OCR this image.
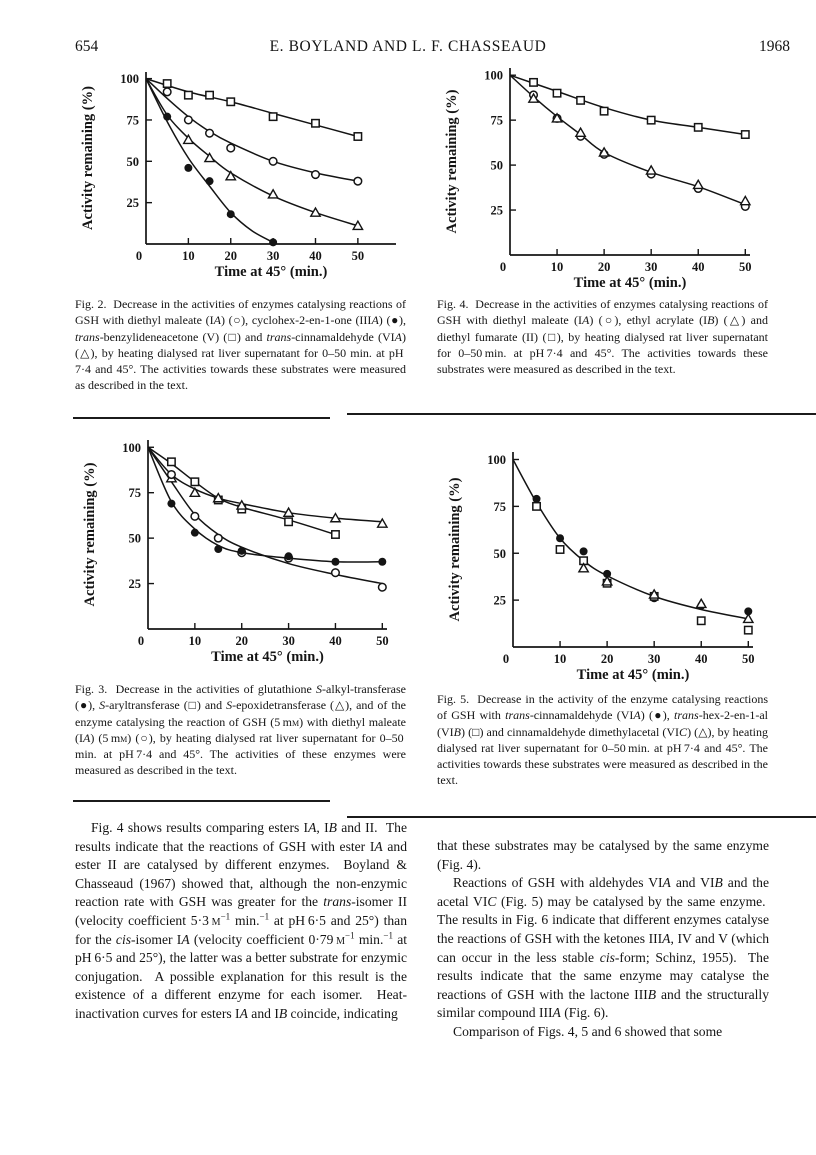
654	E. BOYLAND AND L. F. CHASSEAUD	1968
0	10 20 30 40 50
25
50
75
100
Time at 45° (min.)
Activity remaining (%)

Fig. 2.  Decrease in the activities of enzymes catalysing reactions of GSH with diethyl maleate (IA) (○), cyclohex-2-en-1-one (IIIA) (●), trans-benzylideneacetone (V) (□) and trans-cinnamaldehyde (VIA) (△), by heating dialysed rat liver supernatant for 0–50 min. at pH 7·4 and 45°. The activities towards these substrates were measured as described in the text.

0	10	20	30	40	50
25
50
75
100
Time at 45° (min.)
Activity remaining (%)

Fig. 4.  Decrease in the activities of enzymes catalysing reactions of GSH with diethyl maleate (IA) (○), ethyl acrylate (IB) (△) and diethyl fumarate (II) (□), by heating dialysed rat liver supernatant for 0–50 min. at pH 7·4 and 45°. The activities towards these substrates were measured as described in the text.

0	10	20	30	40	50
25
50
75
100
Time at 45° (min.)
Activity remaining (%)

Fig. 3.  Decrease in the activities of glutathione S-alkyl-transferase (●), S-aryltransferase (□) and S-epoxidetransferase (△), and of the enzyme catalysing the reaction of GSH (5 mm) with diethyl maleate (IA) (5 mm) (○), by heating dialysed rat liver supernatant for 0–50 min. at pH 7·4 and 45°. The activities of these enzymes were measured as described in the text.

0	10	20	30	40	50
25
50
75
100
Time at 45° (min.)
Activity remaining (%)

Fig. 5.  Decrease in the activity of the enzyme catalysing reactions of GSH with trans-cinnamaldehyde (VIA) (●), trans-hex-2-en-1-al (VIB) (□) and cinnamaldehyde dimethylacetal (VIC) (△), by heating dialysed rat liver supernatant for 0–50 min. at pH 7·4 and 45°. The activities towards these substrates were measured as described in the text.

Fig. 4 shows results comparing esters IA, IB and II.  The results indicate that the reactions of GSH with ester IA and ester II are catalysed by different enzymes.  Boyland & Chasseaud (1967) showed that, although the non-enzymic reaction rate with GSH was greater for the trans-isomer II (velocity coefficient 5·3 $m^{-1}$ min.$^{-1}$ at pH 6·5 and 25°) than for the cis-isomer IA (velocity coefficient 0·79 $m^{-1}$ min.$^{-1}$ at pH 6·5 and 25°), the latter was a better substrate for enzymic conjugation.  A possible explanation for this result is the existence of a different enzyme for each isomer.  Heat-inactivation curves for esters IA and IB coincide, indicating

that these substrates may be catalysed by the same enzyme (Fig. 4).

Reactions of GSH with aldehydes VIA and VIB and the acetal VIC (Fig. 5) may be catalysed by the same enzyme.  The results in Fig. 6 indicate that different enzymes catalyse the reactions of GSH with the ketones IIIA, IV and V (which can occur in the less stable cis-form; Schinz, 1955).  The results indicate that the same enzyme may catalyse the reactions of GSH with the lactone IIIB and the structurally similar compound IIIA (Fig. 6).

Comparison of Figs. 4, 5 and 6 showed that some
